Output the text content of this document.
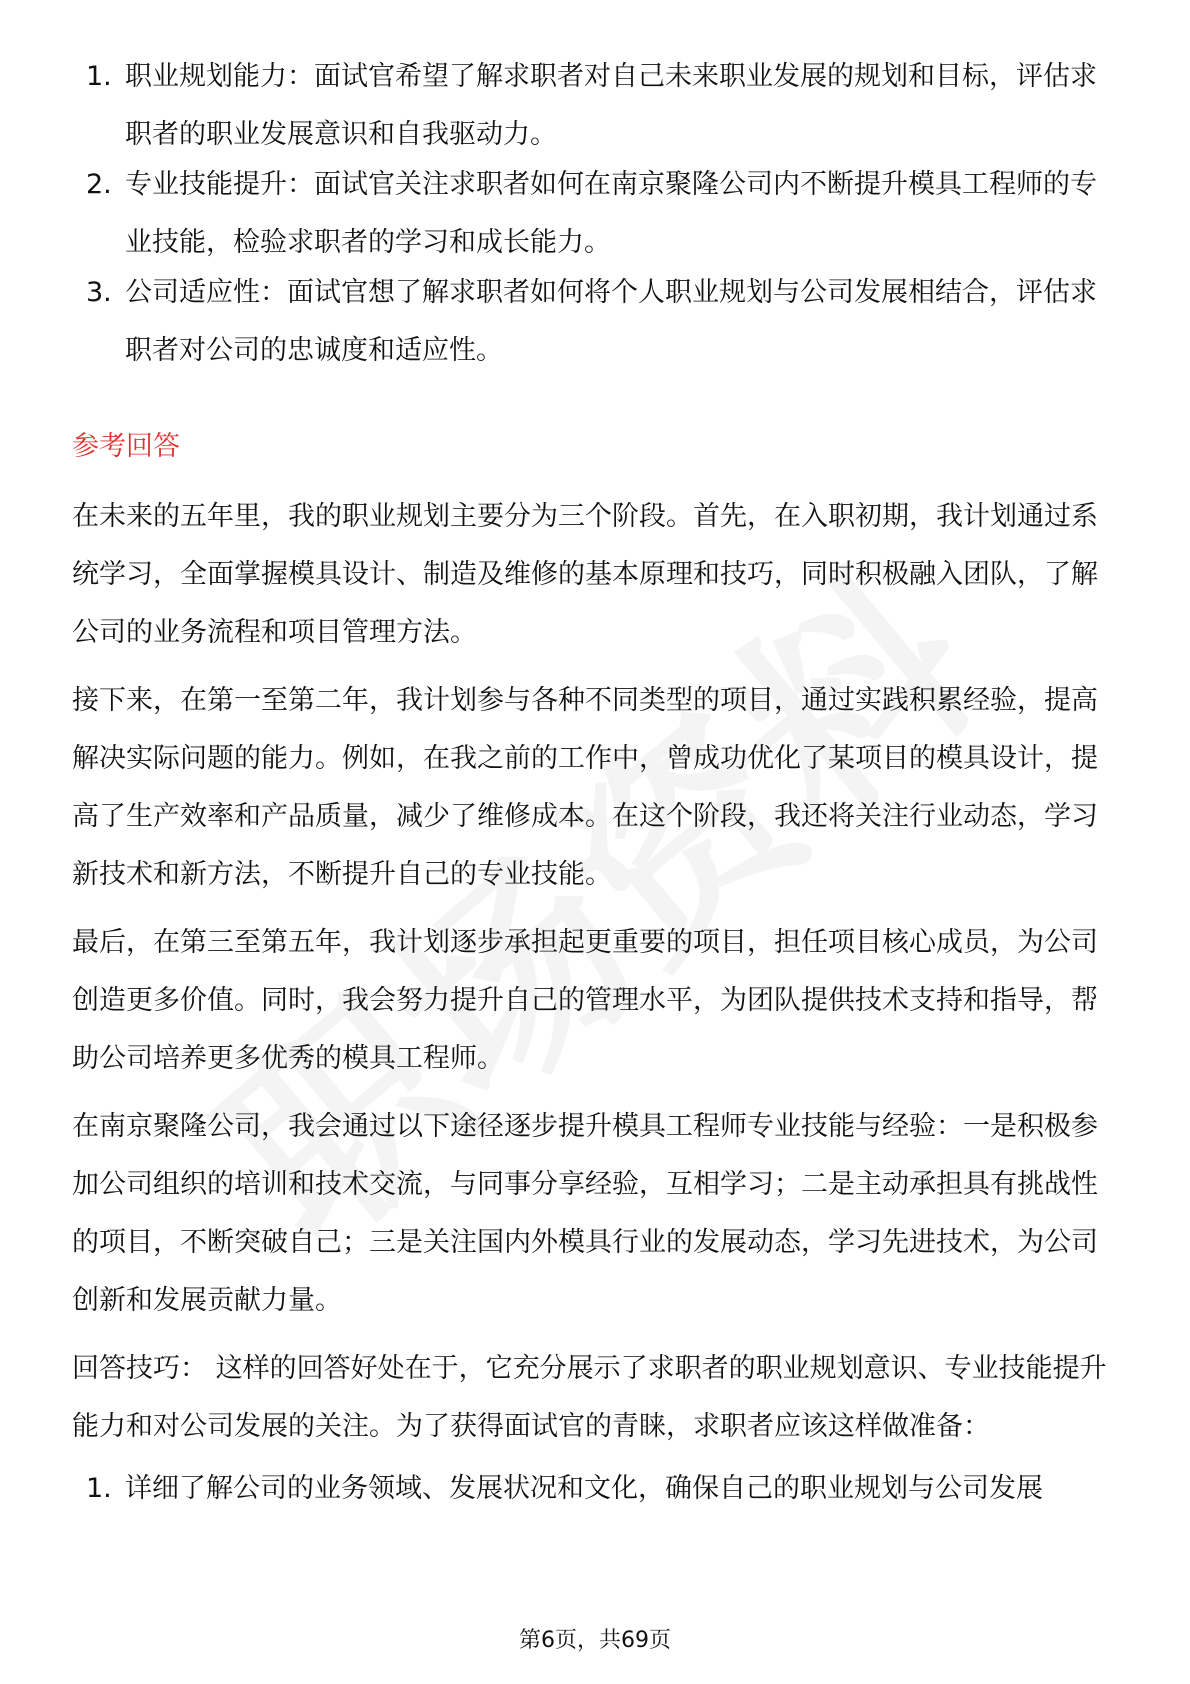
1. 职业规划能力：面试官希望了解求职者对自己未来职业发展的规划和目标，评估求职者的职业发展意识和自我驱动力。
2. 专业技能提升：面试官关注求职者如何在南京聚隆公司内不断提升模具工程师的专业技能，检验求职者的学习和成长能力。
3. 公司适应性：面试官想了解求职者如何将个人职业规划与公司发展相结合，评估求职者对公司的忠诚度和适应性。
参考回答

在未来的五年里，我的职业规划主要分为三个阶段。首先，在入职初期，我计划通过系统学习，全面掌握模具设计、制造及维修的基本原理和技巧，同时积极融入团队，了解公司的业务流程和项目管理方法。

接下来，在第一至第二年，我计划参与各种不同类型的项目，通过实践积累经验，提高解决实际问题的能力。例如，在我之前的工作中，曾成功优化了某项目的模具设计，提高了生产效率和产品质量，减少了维修成本。在这个阶段，我还将关注行业动态，学习新技术和新方法，不断提升自己的专业技能。

最后，在第三至第五年，我计划逐步承担起更重要的项目，担任项目核心成员，为公司创造更多价值。同时，我会努力提升自己的管理水平，为团队提供技术支持和指导，帮助公司培养更多优秀的模具工程师。

在南京聚隆公司，我会通过以下途径逐步提升模具工程师专业技能与经验：一是积极参加公司组织的培训和技术交流，与同事分享经验，互相学习；二是主动承担具有挑战性的项目，不断突破自己；三是关注国内外模具行业的发展动态，学习先进技术，为公司创新和发展贡献力量。

回答技巧： 这样的回答好处在于，它充分展示了求职者的职业规划意识、专业技能提升能力和对公司发展的关注。为了获得面试官的青睐，求职者应该这样做准备：

1. 详细了解公司的业务领域、发展状况和文化，确保自己的职业规划与公司发展
第6页，共69页
